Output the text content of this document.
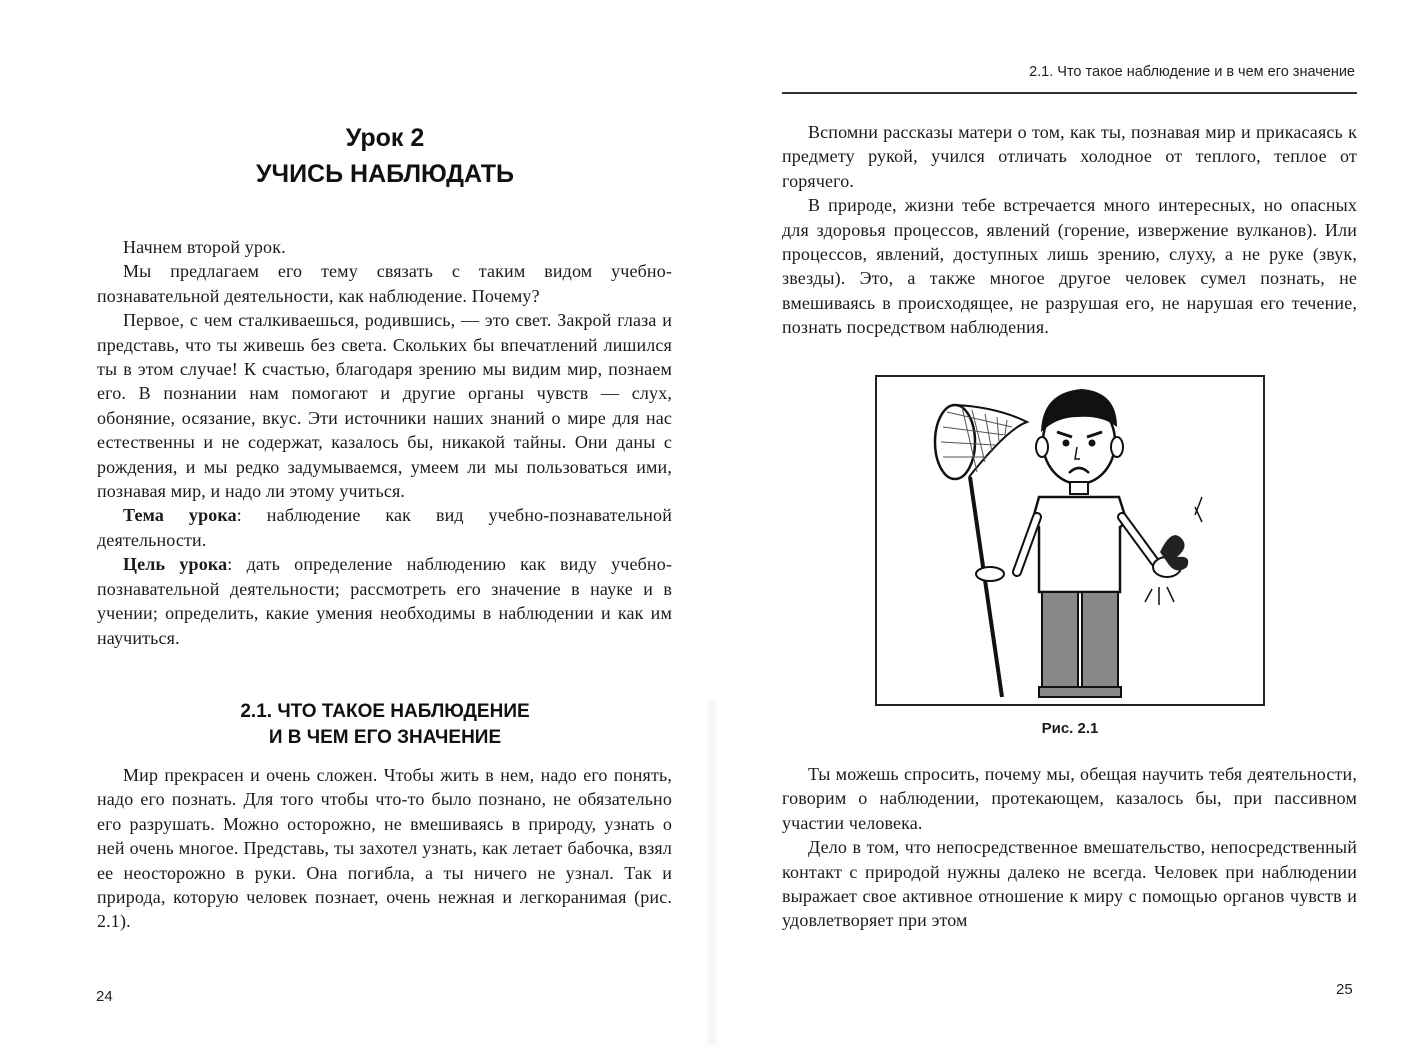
Урок 2
УЧИСЬ НАБЛЮДАТЬ

Начнем второй урок.

Мы предлагаем его тему связать с таким видом учебно-познавательной деятельности, как наблюдение. Почему?

Первое, с чем сталкиваешься, родившись, — это свет. Закрой глаза и представь, что ты живешь без света. Скольких бы впечатлений лишился ты в этом случае! К счастью, благодаря зрению мы видим мир, познаем его. В познании нам помогают и другие органы чувств — слух, обоняние, осязание, вкус. Эти источники наших знаний о мире для нас естественны и не содержат, казалось бы, никакой тайны. Они даны с рождения, и мы редко задумываемся, умеем ли мы пользоваться ими, познавая мир, и надо ли этому учиться.

Тема урока: наблюдение как вид учебно-познавательной деятельности.

Цель урока: дать определение наблюдению как виду учебно-познавательной деятельности; рассмотреть его значение в науке и в учении; определить, какие умения необходимы в наблюдении и как им научиться.

2.1. ЧТО ТАКОЕ НАБЛЮДЕНИЕ
И В ЧЕМ ЕГО ЗНАЧЕНИЕ

Мир прекрасен и очень сложен. Чтобы жить в нем, надо его понять, надо его познать. Для того чтобы что-то было познано, не обязательно его разрушать. Можно осторожно, не вмешиваясь в природу, узнать о ней очень многое. Представь, ты захотел узнать, как летает бабочка, взял ее неосторожно в руки. Она погибла, а ты ничего не узнал. Так и природа, которую человек познает, очень нежная и легкоранимая (рис. 2.1).

24
2.1. Что такое наблюдение и в чем его значение

Вспомни рассказы матери о том, как ты, познавая мир и прикасаясь к предмету рукой, учился отличать холодное от теплого, теплое от горячего.

В природе, жизни тебе встречается много интересных, но опасных для здоровья процессов, явлений (горение, извержение вулканов). Или процессов, явлений, доступных лишь зрению, слуху, а не руке (звук, звезды). Это, а также многое другое человек сумел познать, не вмешиваясь в происходящее, не разрушая его, не нарушая его течение, познать посредством наблюдения.

Рис. 2.1

Ты можешь спросить, почему мы, обещая научить тебя деятельности, говорим о наблюдении, протекающем, казалось бы, при пассивном участии человека.

Дело в том, что непосредственное вмешательство, непосредственный контакт с природой нужны далеко не всегда. Человек при наблюдении выражает свое активное отношение к миру с помощью органов чувств и удовлетворяет при этом

25
